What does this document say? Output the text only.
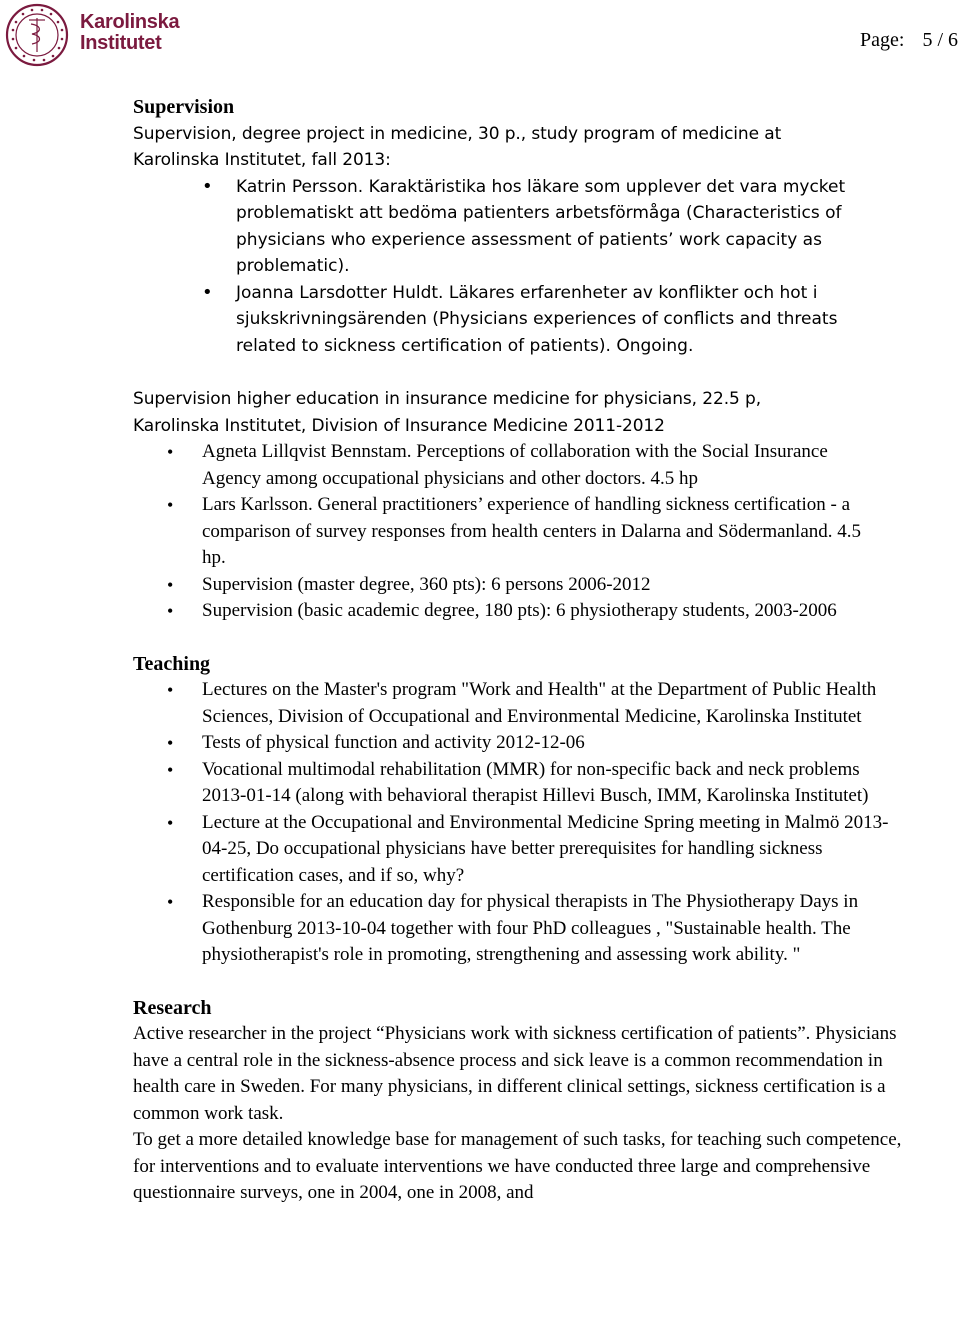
Karolinska
Institutet	Page: 5 / 6
Supervision

Supervision, degree project in medicine, 30 p., study program of medicine at Karolinska Institutet, fall 2013:

• Katrin Persson. Karaktäristika hos läkare som upplever det vara mycket problematiskt att bedöma patienters arbetsförmåga (Characteristics of physicians who experience assessment of patients’ work capacity as problematic).
• Joanna Larsdotter Huldt. Läkares erfarenheter av konflikter och hot i sjukskrivningsärenden (Physicians experiences of conflicts and threats related to sickness certification of patients). Ongoing.

Supervision higher education in insurance medicine for physicians, 22.5 p,

Karolinska Institutet, Division of Insurance Medicine 2011-2012

• Agneta Lillqvist Bennstam. Perceptions of collaboration with the Social Insurance Agency among occupational physicians and other doctors. 4.5 hp
• Lars Karlsson. General practitioners’ experience of handling sickness certification - a comparison of survey responses from health centers in Dalarna and Södermanland. 4.5 hp.
• Supervision (master degree, 360 pts): 6 persons 2006-2012
• Supervision (basic academic degree, 180 pts): 6 physiotherapy students, 2003-2006
Teaching
• Lectures on the Master's program "Work and Health" at the Department of Public Health Sciences, Division of Occupational and Environmental Medicine, Karolinska Institutet
• Tests of physical function and activity 2012-12-06
• Vocational multimodal rehabilitation (MMR) for non-specific back and neck problems 2013-01-14 (along with behavioral therapist Hillevi Busch, IMM, Karolinska Institutet)
• Lecture at the Occupational and Environmental Medicine Spring meeting in Malmö 2013-04-25, Do occupational physicians have better prerequisites for handling sickness certification cases, and if so, why?
• Responsible for an education day for physical therapists in The Physiotherapy Days in Gothenburg 2013-10-04 together with four PhD colleagues , "Sustainable health. The physiotherapist's role in promoting, strengthening and assessing work ability. "
Research

Active researcher in the project “Physicians work with sickness certification of patients”. Physicians have a central role in the sickness-absence process and sick leave is a common recommendation in health care in Sweden. For many physicians, in different clinical settings, sickness certification is a common work task.

To get a more detailed knowledge base for management of such tasks, for teaching such competence, for interventions and to evaluate interventions we have conducted three large and comprehensive questionnaire surveys, one in 2004, one in 2008, and
